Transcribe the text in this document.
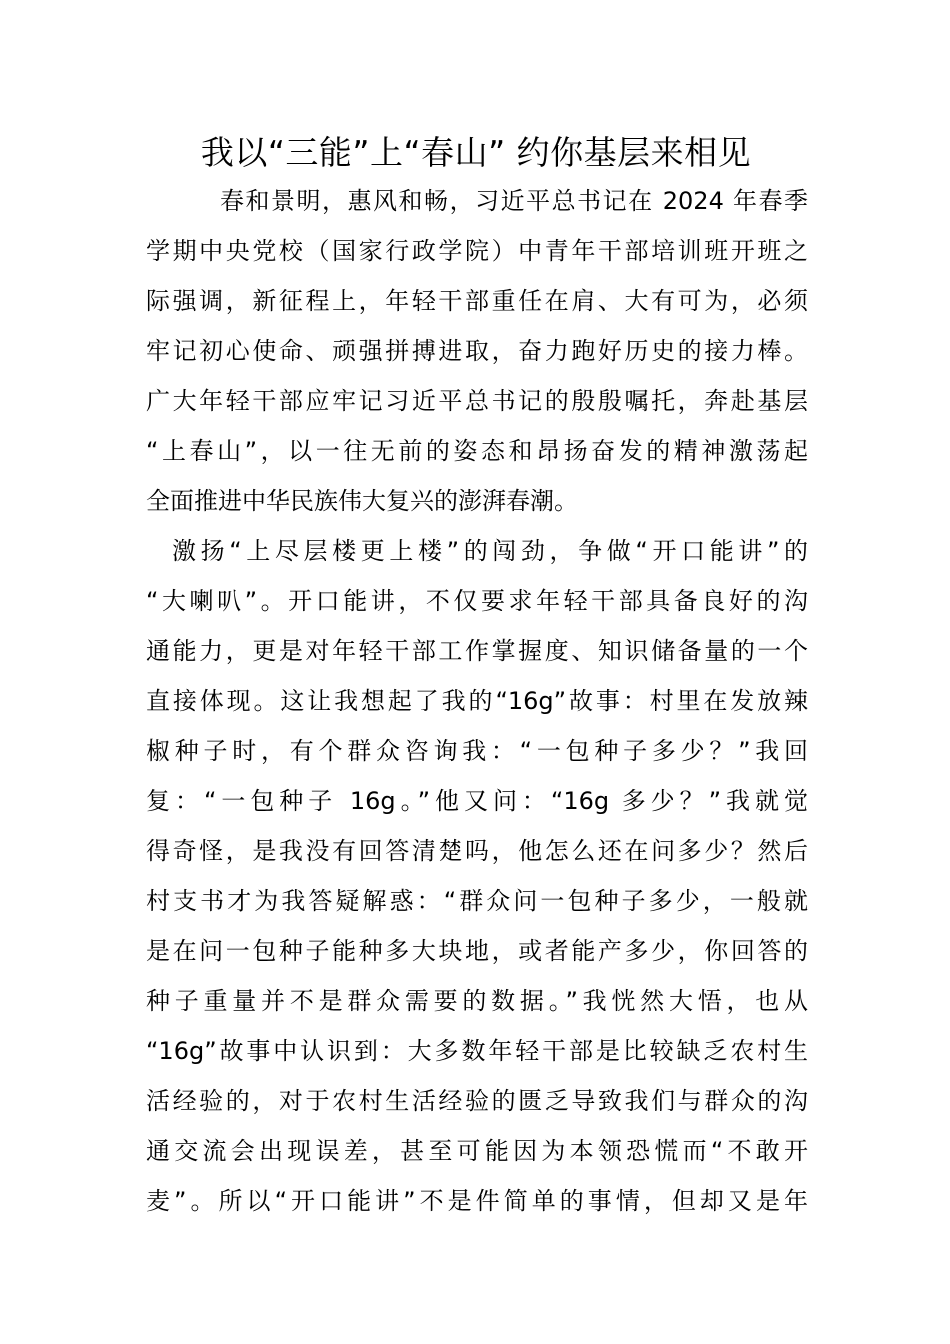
我以“三能”上“春山” 约你基层来相见
春和景明，惠风和畅，习近平总书记在 2024 年春季
学期中央党校（国家行政学院）中青年干部培训班开班之
际强调，新征程上，年轻干部重任在肩、大有可为，必须
牢记初心使命、顽强拼搏进取，奋力跑好历史的接力棒。
广大年轻干部应牢记习近平总书记的殷殷嘱托，奔赴基层
“上春山”，以一往无前的姿态和昂扬奋发的精神激荡起
全面推进中华民族伟大复兴的澎湃春潮。
激扬“上尽层楼更上楼”的闯劲，争做“开口能讲”的
“大喇叭”。开口能讲，不仅要求年轻干部具备良好的沟
通能力，更是对年轻干部工作掌握度、知识储备量的一个
直接体现。这让我想起了我的“16g”故事：村里在发放辣
椒种子时，有个群众咨询我：“一包种子多少？”我回
复：“一包种子 16g。”他又问：“16g 多少？”我就觉
得奇怪，是我没有回答清楚吗，他怎么还在问多少？然后
村支书才为我答疑解惑：“群众问一包种子多少，一般就
是在问一包种子能种多大块地，或者能产多少，你回答的
种子重量并不是群众需要的数据。”我恍然大悟，也从
“16g”故事中认识到：大多数年轻干部是比较缺乏农村生
活经验的，对于农村生活经验的匮乏导致我们与群众的沟
通交流会出现误差，甚至可能因为本领恐慌而“不敢开
麦”。所以“开口能讲”不是件简单的事情，但却又是年
